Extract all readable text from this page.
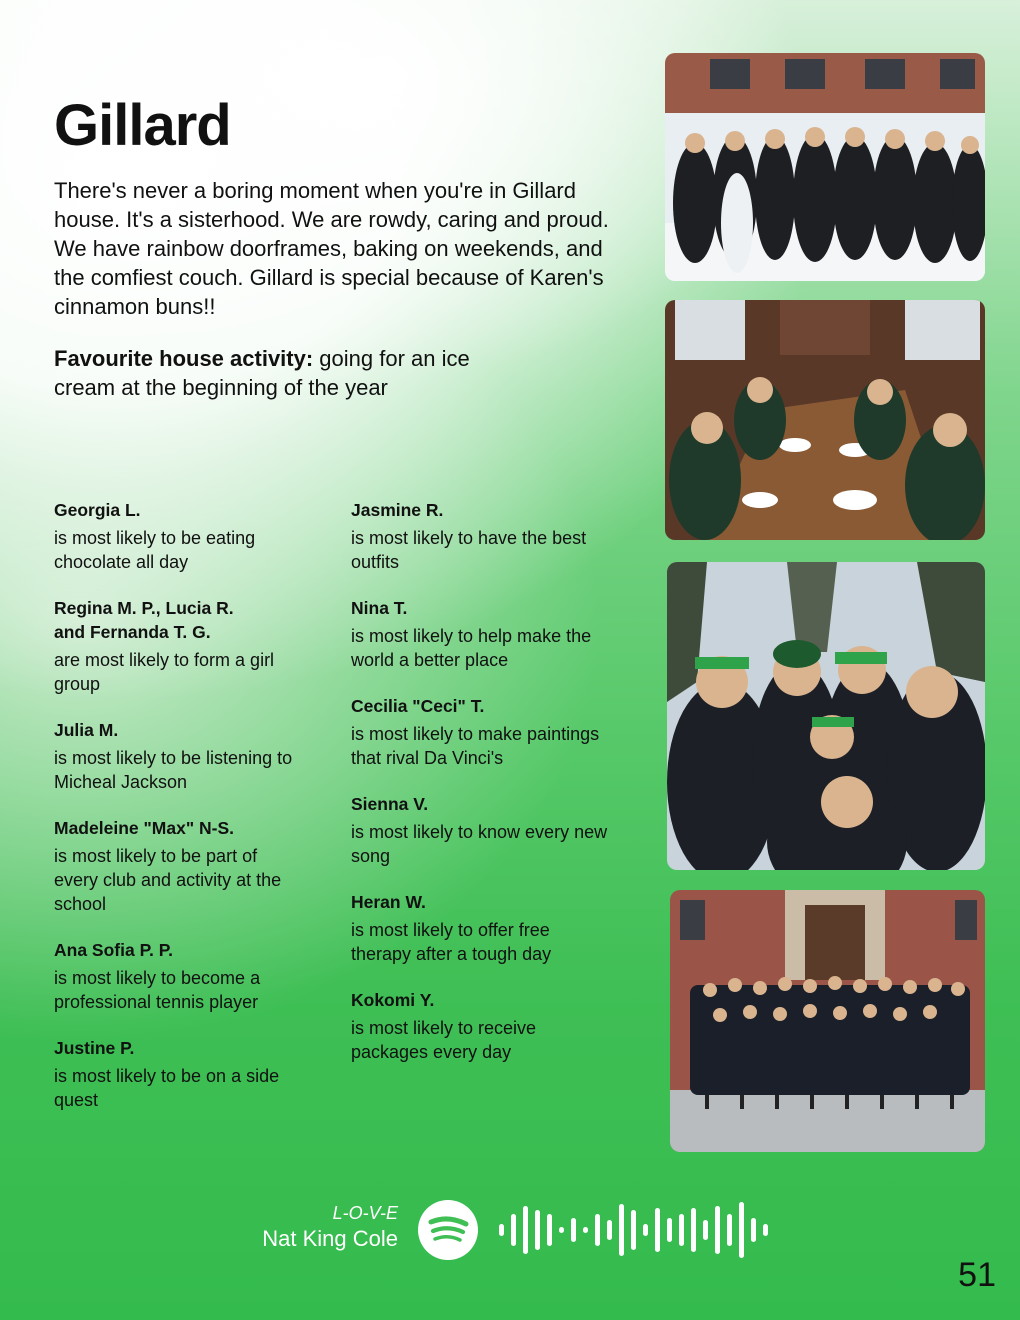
Gillard

There's never a boring moment when you're in Gillard house. It's a sisterhood. We are rowdy, caring and proud. We have rainbow doorframes, baking on weekends, and the comfiest couch. Gillard is special because of Karen's cinnamon buns!!

Favourite house activity: going for an ice cream at the beginning of the year

Georgia L.
is most likely to be eating chocolate all day
Regina M. P., Lucia R. and Fernanda T. G.
are most likely to form a girl group
Julia M.
is most likely to be listening to Micheal Jackson
Madeleine "Max" N-S.
is most likely to be part of every club and activity at the school
Ana Sofia P. P.
is most likely to become a professional tennis player
Justine P.
is most likely to be on a side quest
Jasmine R.
is most likely to have the best outfits
Nina T.
is most likely to help make the world a better place
Cecilia "Ceci" T.
is most likely to make paintings that rival Da Vinci's
Sienna V.
is most likely to know every new song
Heran W.
is most likely to offer free therapy after a tough day
Kokomi Y.
is most likely to receive packages every day
L-O-V-E
Nat King Cole
51
